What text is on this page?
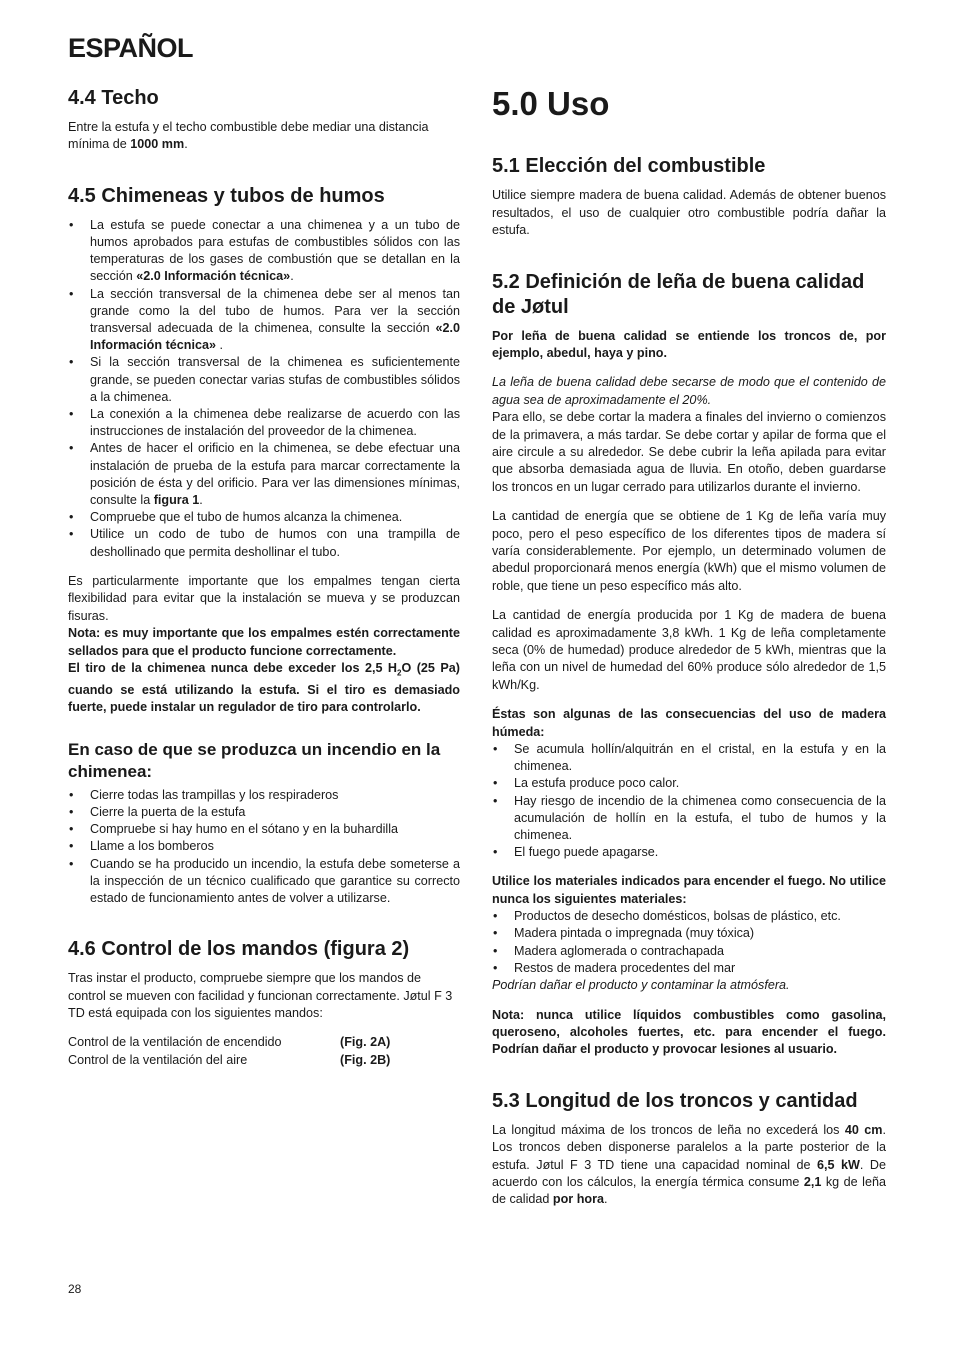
ESPAÑOL
4.4 Techo

Entre la estufa y el techo combustible debe mediar una distancia mínima de 1000 mm.

4.5 Chimeneas y tubos de humos
• La estufa se puede conectar a una chimenea y a un tubo de humos aprobados para estufas de combustibles sólidos con las temperaturas de los gases de combustión que se detallan en la sección «2.0 Información técnica».
• La sección transversal de la chimenea debe ser al menos tan grande como la del tubo de humos. Para ver la sección transversal adecuada de la chimenea, consulte la sección «2.0 Información técnica» .
• Si la sección transversal de la chimenea es suficientemente grande, se pueden conectar varias stufas de combustibles sólidos a la chimenea.
• La conexión a la chimenea debe realizarse de acuerdo con las instrucciones de instalación del proveedor de la chimenea.
• Antes de hacer el orificio en la chimenea, se debe efectuar una instalación de prueba de la estufa para marcar correctamente la posición de ésta y del orificio. Para ver las dimensiones mínimas, consulte la figura 1.
• Compruebe que el tubo de humos alcanza la chimenea.
• Utilice un codo de tubo de humos con una trampilla de deshollinado que permita deshollinar el tubo.

Es particularmente importante que los empalmes tengan cierta flexibilidad para evitar que la instalación se mueva y se produzcan fisuras.

Nota: es muy importante que los empalmes estén correctamente sellados para que el producto funcione correctamente.

El tiro de la chimenea nunca debe exceder los 2,5 $H_2O$ (25 Pa) cuando se está utilizando la estufa. Si el tiro es demasiado fuerte, puede instalar un regulador de tiro para controlarlo.

En caso de que se produzca un incendio en la chimenea:
• Cierre todas las trampillas y los respiraderos
• Cierre la puerta de la estufa
• Compruebe si hay humo en el sótano y en la buhardilla
• Llame a los bomberos
• Cuando se ha producido un incendio, la estufa debe someterse a la inspección de un técnico cualificado que garantice su correcto estado de funcionamiento antes de volver a utilizarse.
4.6 Control de los mandos (figura 2)

Tras instar el producto, compruebe siempre que los mandos de control se mueven con facilidad y funcionan correctamente. Jøtul F 3 TD está equipada con los siguientes mandos:

Control de la ventilación de encendido	(Fig. 2A)
Control de la ventilación del aire	(Fig. 2B)
5.0 Uso
5.1 Elección del combustible

Utilice siempre madera de buena calidad. Además de obtener buenos resultados, el uso de cualquier otro combustible podría dañar la estufa.

5.2 Definición de leña de buena calidad de Jøtul

Por leña de buena calidad se entiende los troncos de, por ejemplo, abedul, haya y pino.

La leña de buena calidad debe secarse de modo que el contenido de agua sea de aproximadamente el 20%.

Para ello, se debe cortar la madera a finales del invierno o comienzos de la primavera, a más tardar. Se debe cortar y apilar de forma que el aire circule a su alrededor. Se debe cubrir la leña apilada para evitar que absorba demasiada agua de lluvia. En otoño, deben guardarse los troncos en un lugar cerrado para utilizarlos durante el invierno.

La cantidad de energía que se obtiene de 1 Kg de leña varía muy poco, pero el peso específico de los diferentes tipos de madera sí varía considerablemente. Por ejemplo, un determinado volumen de abedul proporcionará menos energía (kWh) que el mismo volumen de roble, que tiene un peso específico más alto.

La cantidad de energía producida por 1 Kg de madera de buena calidad es aproximadamente 3,8 kWh. 1 Kg de leña completamente seca (0% de humedad) produce alrededor de 5 kWh, mientras que la leña con un nivel de humedad del 60% produce sólo alrededor de 1,5 kWh/Kg.

Éstas son algunas de las consecuencias del uso de madera húmeda:

• Se acumula hollín/alquitrán en el cristal, en la estufa y en la chimenea.
• La estufa produce poco calor.
• Hay riesgo de incendio de la chimenea como consecuencia de la acumulación de hollín en la estufa, el tubo de humos y la chimenea.
• El fuego puede apagarse.

Utilice los materiales indicados para encender el fuego. No utilice nunca los siguientes materiales:

• Productos de desecho domésticos, bolsas de plástico, etc.
• Madera pintada o impregnada (muy tóxica)
• Madera aglomerada o contrachapada
• Restos de madera procedentes del mar

Podrían dañar el producto y contaminar la atmósfera.

Nota: nunca utilice líquidos combustibles como gasolina, queroseno, alcoholes fuertes, etc. para encender el fuego. Podrían dañar el producto y provocar lesiones al usuario.

5.3 Longitud de los troncos y cantidad

La longitud máxima de los troncos de leña no excederá los 40 cm. Los troncos deben disponerse paralelos a la parte posterior de la estufa. Jøtul F 3 TD tiene una capacidad nominal de 6,5 kW. De acuerdo con los cálculos, la energía térmica consume 2,1 kg de leña de calidad por hora.

28
